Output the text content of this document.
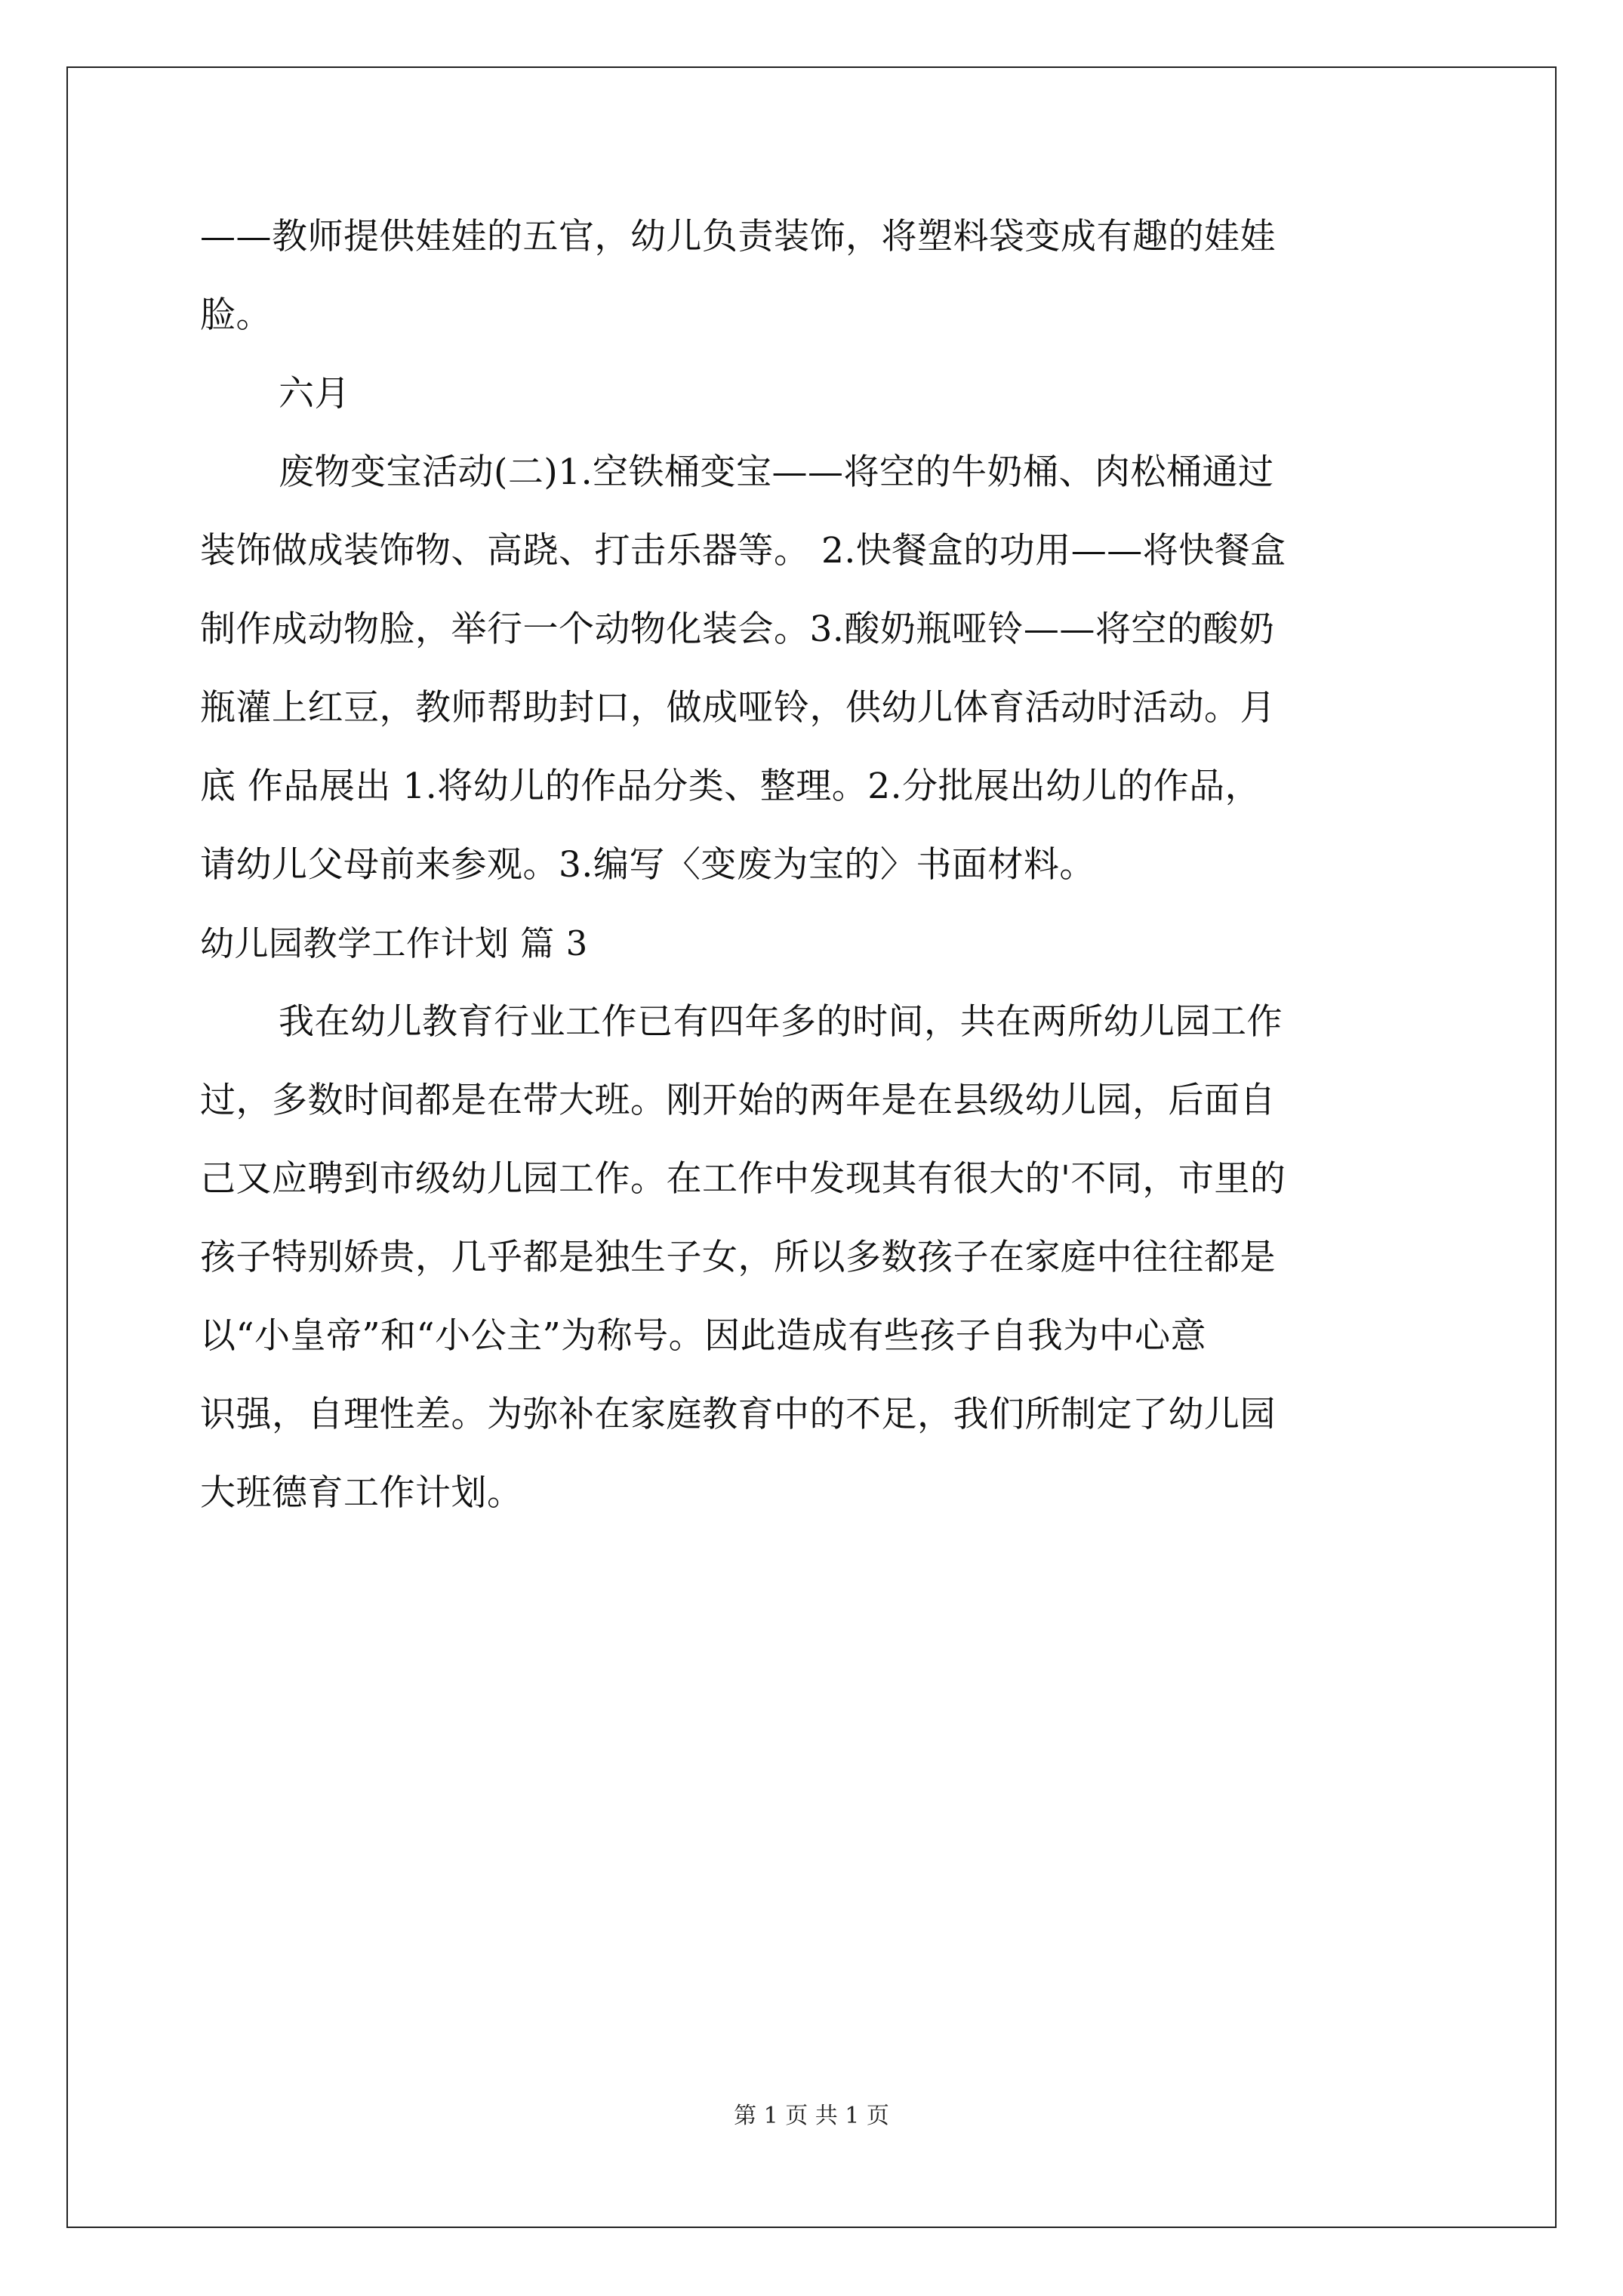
——教师提供娃娃的五官，幼儿负责装饰，将塑料袋变成有趣的娃娃
脸。
六月
废物变宝活动(二)1.空铁桶变宝——将空的牛奶桶、肉松桶通过
装饰做成装饰物、高跷、打击乐器等。 2.快餐盒的功用——将快餐盒
制作成动物脸，举行一个动物化装会。3.酸奶瓶哑铃——将空的酸奶
瓶灌上红豆，教师帮助封口，做成哑铃，供幼儿体育活动时活动。月
底 作品展出 1.将幼儿的作品分类、整理。2.分批展出幼儿的作品，
请幼儿父母前来参观。3.编写〈变废为宝的〉书面材料。
幼儿园教学工作计划 篇 3
我在幼儿教育行业工作已有四年多的时间，共在两所幼儿园工作
过，多数时间都是在带大班。刚开始的两年是在县级幼儿园，后面自
己又应聘到市级幼儿园工作。在工作中发现其有很大的'不同，市里的
孩子特别娇贵，几乎都是独生子女，所以多数孩子在家庭中往往都是
以“小皇帝”和“小公主”为称号。因此造成有些孩子自我为中心意
识强，自理性差。为弥补在家庭教育中的不足，我们所制定了幼儿园
大班德育工作计划。
第 1 页 共 1 页
